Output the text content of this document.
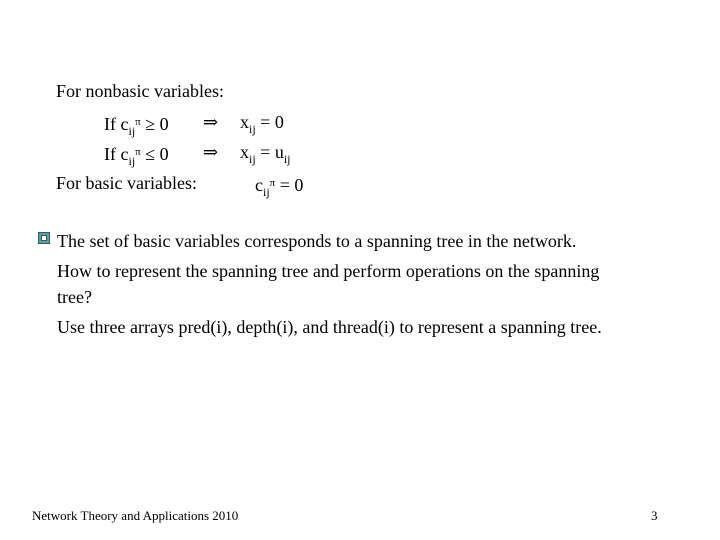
For nonbasic variables:
If $c_{ij}^\pi \ge 0$ ⇒ $x_{ij} = 0$
If $c_{ij}^\pi \le 0$ ⇒ $x_{ij} = u_{ij}$
For basic variables:	$c_{ij}^\pi = 0$
The set of basic variables corresponds to a spanning tree in the network.
How to represent the spanning tree and perform operations on the spanning
tree?
Use three arrays pred(i), depth(i), and thread(i) to represent a spanning tree.
Network Theory and Applications 2010	3
